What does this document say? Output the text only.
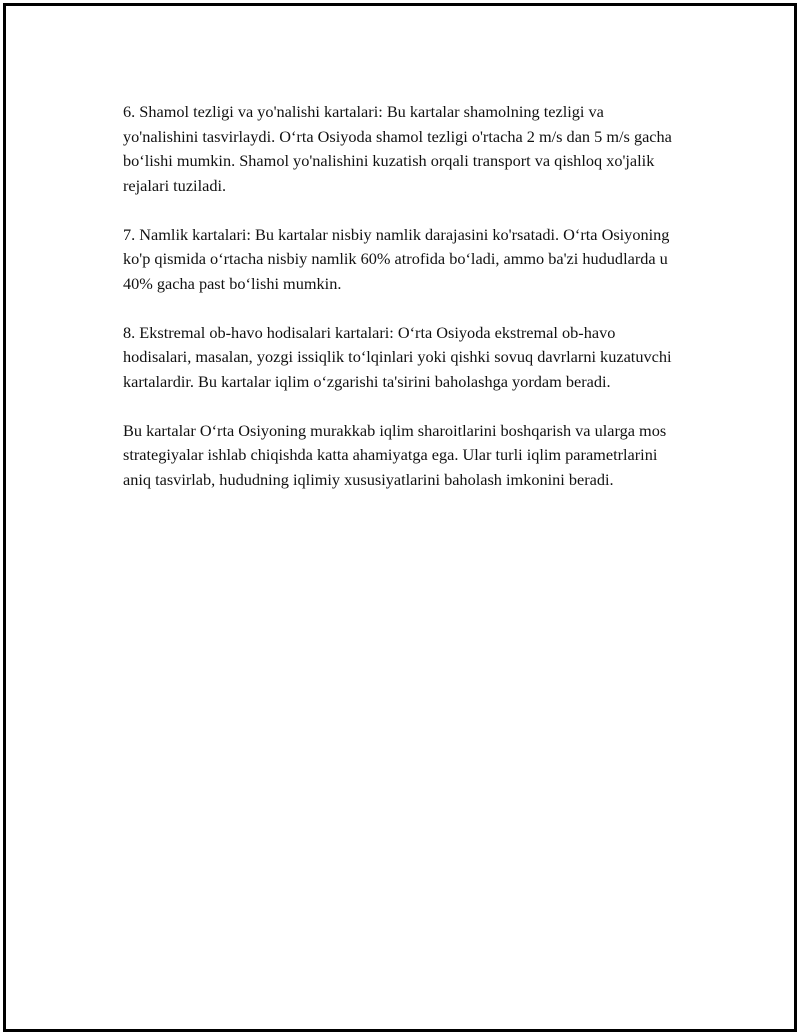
6. Shamol tezligi va yo'nalishi kartalari: Bu kartalar shamolning tezligi va yo'nalishini tasvirlaydi. O‘rta Osiyoda shamol tezligi o'rtacha 2 m/s dan 5 m/s gacha bo‘lishi mumkin. Shamol yo'nalishini kuzatish orqali transport va qishloq xo'jalik rejalari tuziladi.

7. Namlik kartalari: Bu kartalar nisbiy namlik darajasini ko'rsatadi. O‘rta Osiyoning ko'p qismida o‘rtacha nisbiy namlik 60% atrofida bo‘ladi, ammo ba'zi hududlarda u 40% gacha past bo‘lishi mumkin.

8. Ekstremal ob-havo hodisalari kartalari: O‘rta Osiyoda ekstremal ob-havo hodisalari, masalan, yozgi issiqlik to‘lqinlari yoki qishki sovuq davrlarni kuzatuvchi kartalardir. Bu kartalar iqlim o‘zgarishi ta'sirini baholashga yordam beradi.

Bu kartalar O‘rta Osiyoning murakkab iqlim sharoitlarini boshqarish va ularga mos strategiyalar ishlab chiqishda katta ahamiyatga ega. Ular turli iqlim parametrlarini aniq tasvirlab, hududning iqlimiy xususiyatlarini baholash imkonini beradi.
